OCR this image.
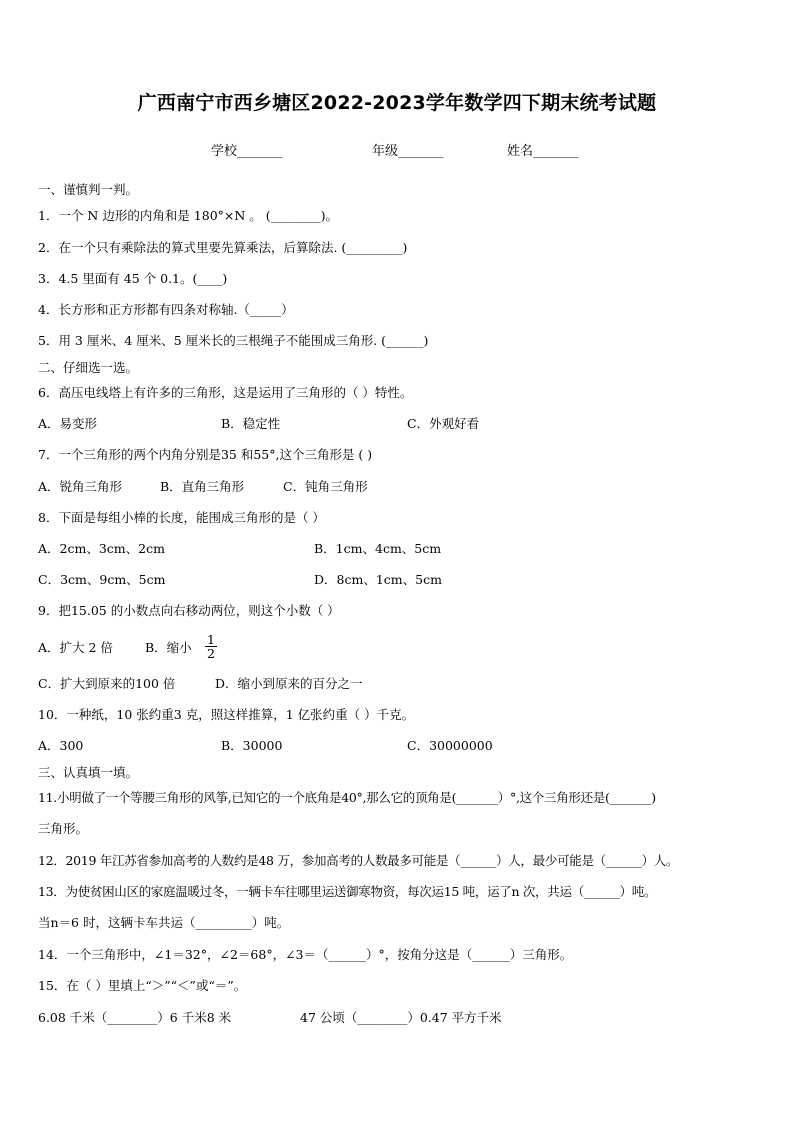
广西南宁市西乡塘区2022-2023学年数学四下期末统考试题
学校_______	年级_______	姓名_______
一、谨慎判一判。
1．一个 N 边形的内角和是 180°×N 。 (________)。
2．在一个只有乘除法的算式里要先算乘法，后算除法. (_________)
3．4.5 里面有 45 个 0.1。(____)
4．长方形和正方形都有四条对称轴.（_____）
5．用 3 厘米、4 厘米、5 厘米长的三根绳子不能围成三角形. (______)
二、仔细选一选。
6．高压电线塔上有许多的三角形，这是运用了三角形的（ ）特性。
A．易变形	B．稳定性	C．外观好看
7．一个三角形的两个内角分别是35 和55°,这个三角形是 ( )
A．锐角三角形	B．直角三角形	C．钝角三角形
8．下面是每组小棒的长度，能围成三角形的是（ ）
A．2cm、3cm、2cm	B．1cm、4cm、5cm
C．3cm、9cm、5cm	D．8cm、1cm、5cm
9．把15.05 的小数点向右移动两位，则这个小数（ ）
A．扩大 2 倍	B．缩小 $\frac{1}{2}$
C．扩大到原来的100 倍	D．缩小到原来的百分之一
10．一种纸，10 张约重3 克，照这样推算，1 亿张约重（ ）千克。
A．300	B．30000	C．30000000
三、认真填一填。
11.小明做了一个等腰三角形的风筝,已知它的一个底角是40°,那么它的顶角是(_______）°,这个三角形还是(_______)
三角形。
12．2019 年江苏省参加高考的人数约是48 万，参加高考的人数最多可能是（______）人，最少可能是（______）人。
13．为使贫困山区的家庭温暖过冬，一辆卡车往哪里运送御寒物资，每次运15 吨，运了n 次，共运（______）吨。
当n＝6 时，这辆卡车共运（_________）吨。
14．一个三角形中，∠1＝32°，∠2＝68°，∠3＝（______）°，按角分这是（______）三角形。
15．在（ ）里填上“＞”“＜”或“＝”。
6.08 千米（________）6 千米8 米	47 公顷（________）0.47 平方千米
